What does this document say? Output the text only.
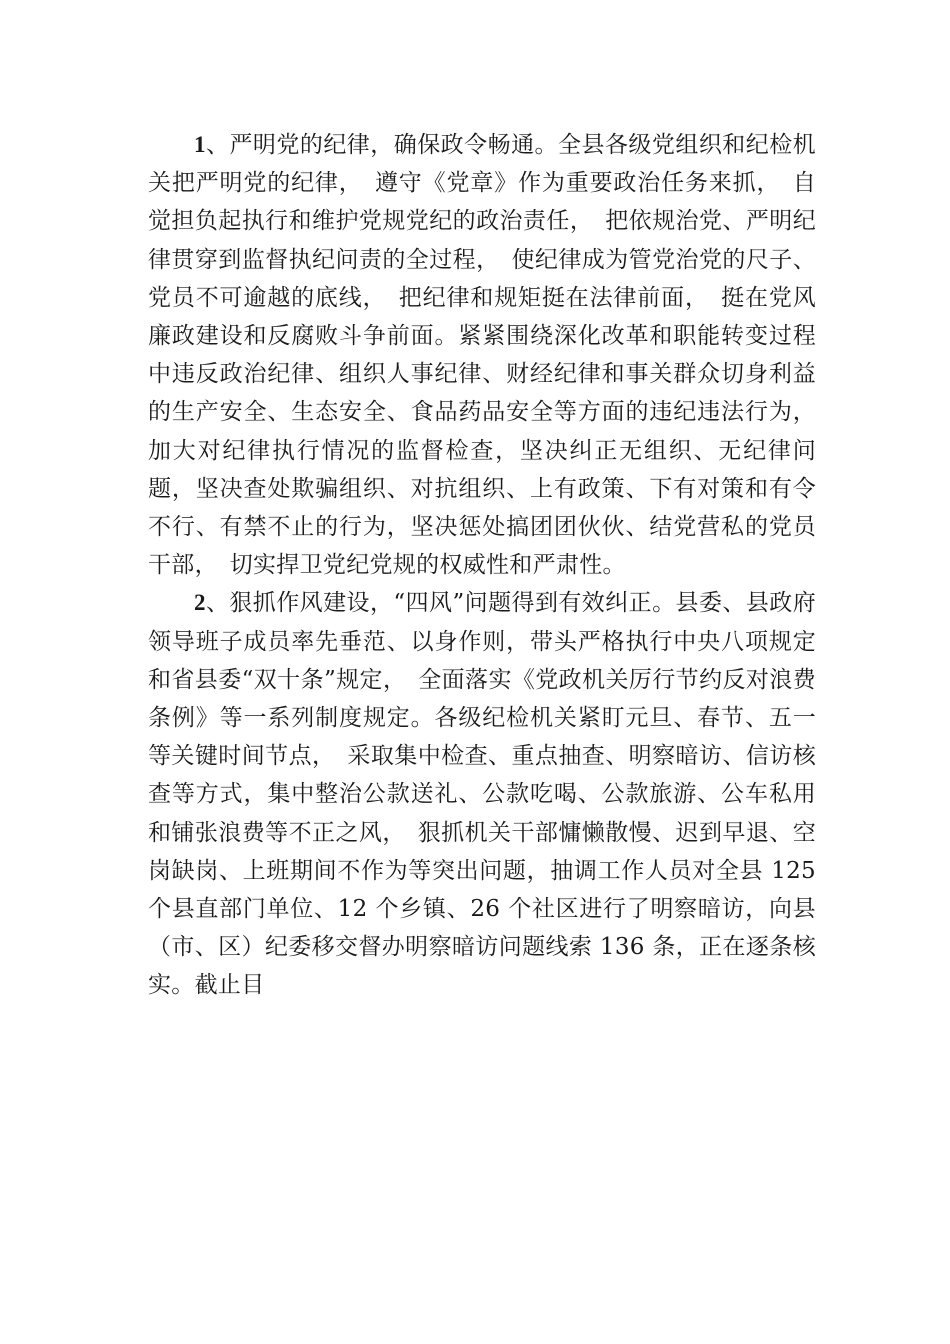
1、严明党的纪律，确保政令畅通。全县各级党组织和纪检机关把严明党的纪律，　遵守《党章》作为重要政治任务来抓，　自觉担负起执行和维护党规党纪的政治责任，　把依规治党、严明纪律贯穿到监督执纪问责的全过程，　使纪律成为管党治党的尺子、党员不可逾越的底线，　把纪律和规矩挺在法律前面，　挺在党风廉政建设和反腐败斗争前面。紧紧围绕深化改革和职能转变过程中违反政治纪律、组织人事纪律、财经纪律和事关群众切身利益的生产安全、生态安全、食品药品安全等方面的违纪违法行为，加大对纪律执行情况的监督检查，坚决纠正无组织、无纪律问题，坚决查处欺骗组织、对抗组织、上有政策、下有对策和有令不行、有禁不止的行为，坚决惩处搞团团伙伙、结党营私的党员干部，　切实捍卫党纪党规的权威性和严肃性。

2、狠抓作风建设，“四风”问题得到有效纠正。县委、县政府领导班子成员率先垂范、以身作则，带头严格执行中央八项规定和省县委“双十条”规定，　全面落实《党政机关厉行节约反对浪费条例》等一系列制度规定。各级纪检机关紧盯元旦、春节、五一等关键时间节点，　采取集中检查、重点抽查、明察暗访、信访核查等方式，集中整治公款送礼、公款吃喝、公款旅游、公车私用和铺张浪费等不正之风，　狠抓机关干部慵懒散慢、迟到早退、空岗缺岗、上班期间不作为等突出问题，抽调工作人员对全县 125 个县直部门单位、12 个乡镇、26 个社区进行了明察暗访，向县（市、区）纪委移交督办明察暗访问题线索 136 条，正在逐条核实。截止目
